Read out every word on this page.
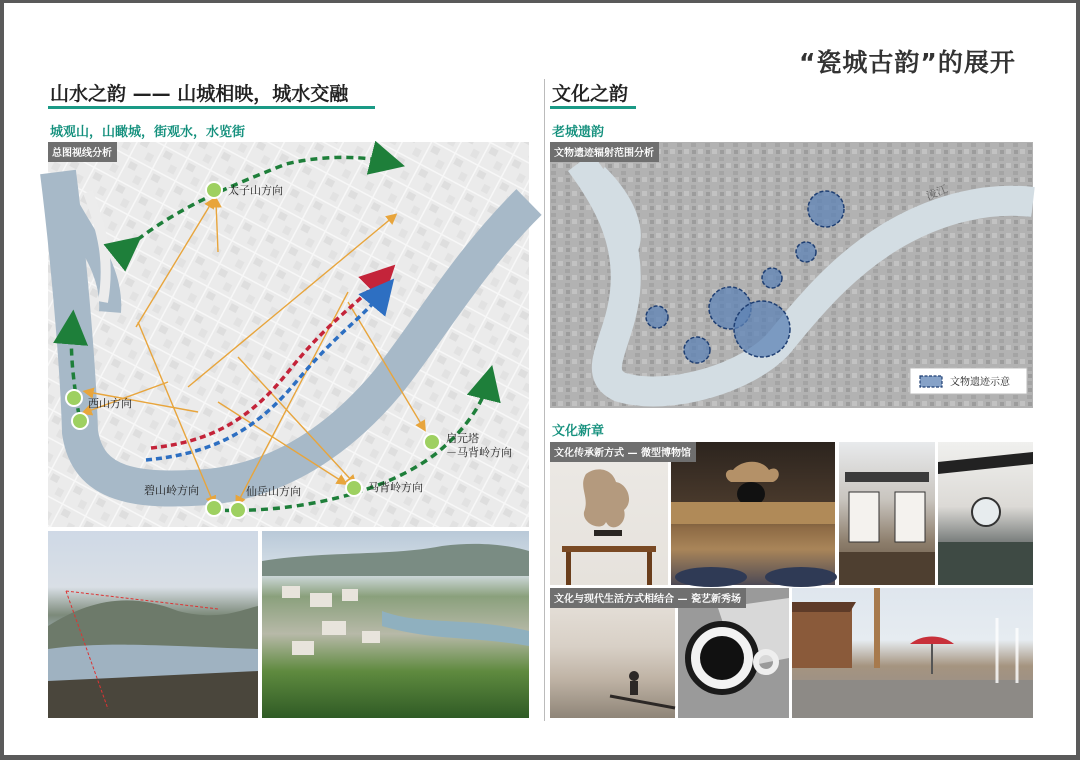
“瓷城古韵”的展开
山水之韵 —— 山城相映，城水交融
城观山，山瞰城，街观水，水览街
总图视线分析
太子山方向
西山方向
碧山岭方向	仙岳山方向	马背岭方向
启元塔
－马背岭方向
文化之韵
老城遗韵
文物遗迹辐射范围分析
淩江
文物遗迹示意
文化新章
文化传承新方式 — 微型博物馆
文化与现代生活方式相结合 — 瓷艺新秀场
